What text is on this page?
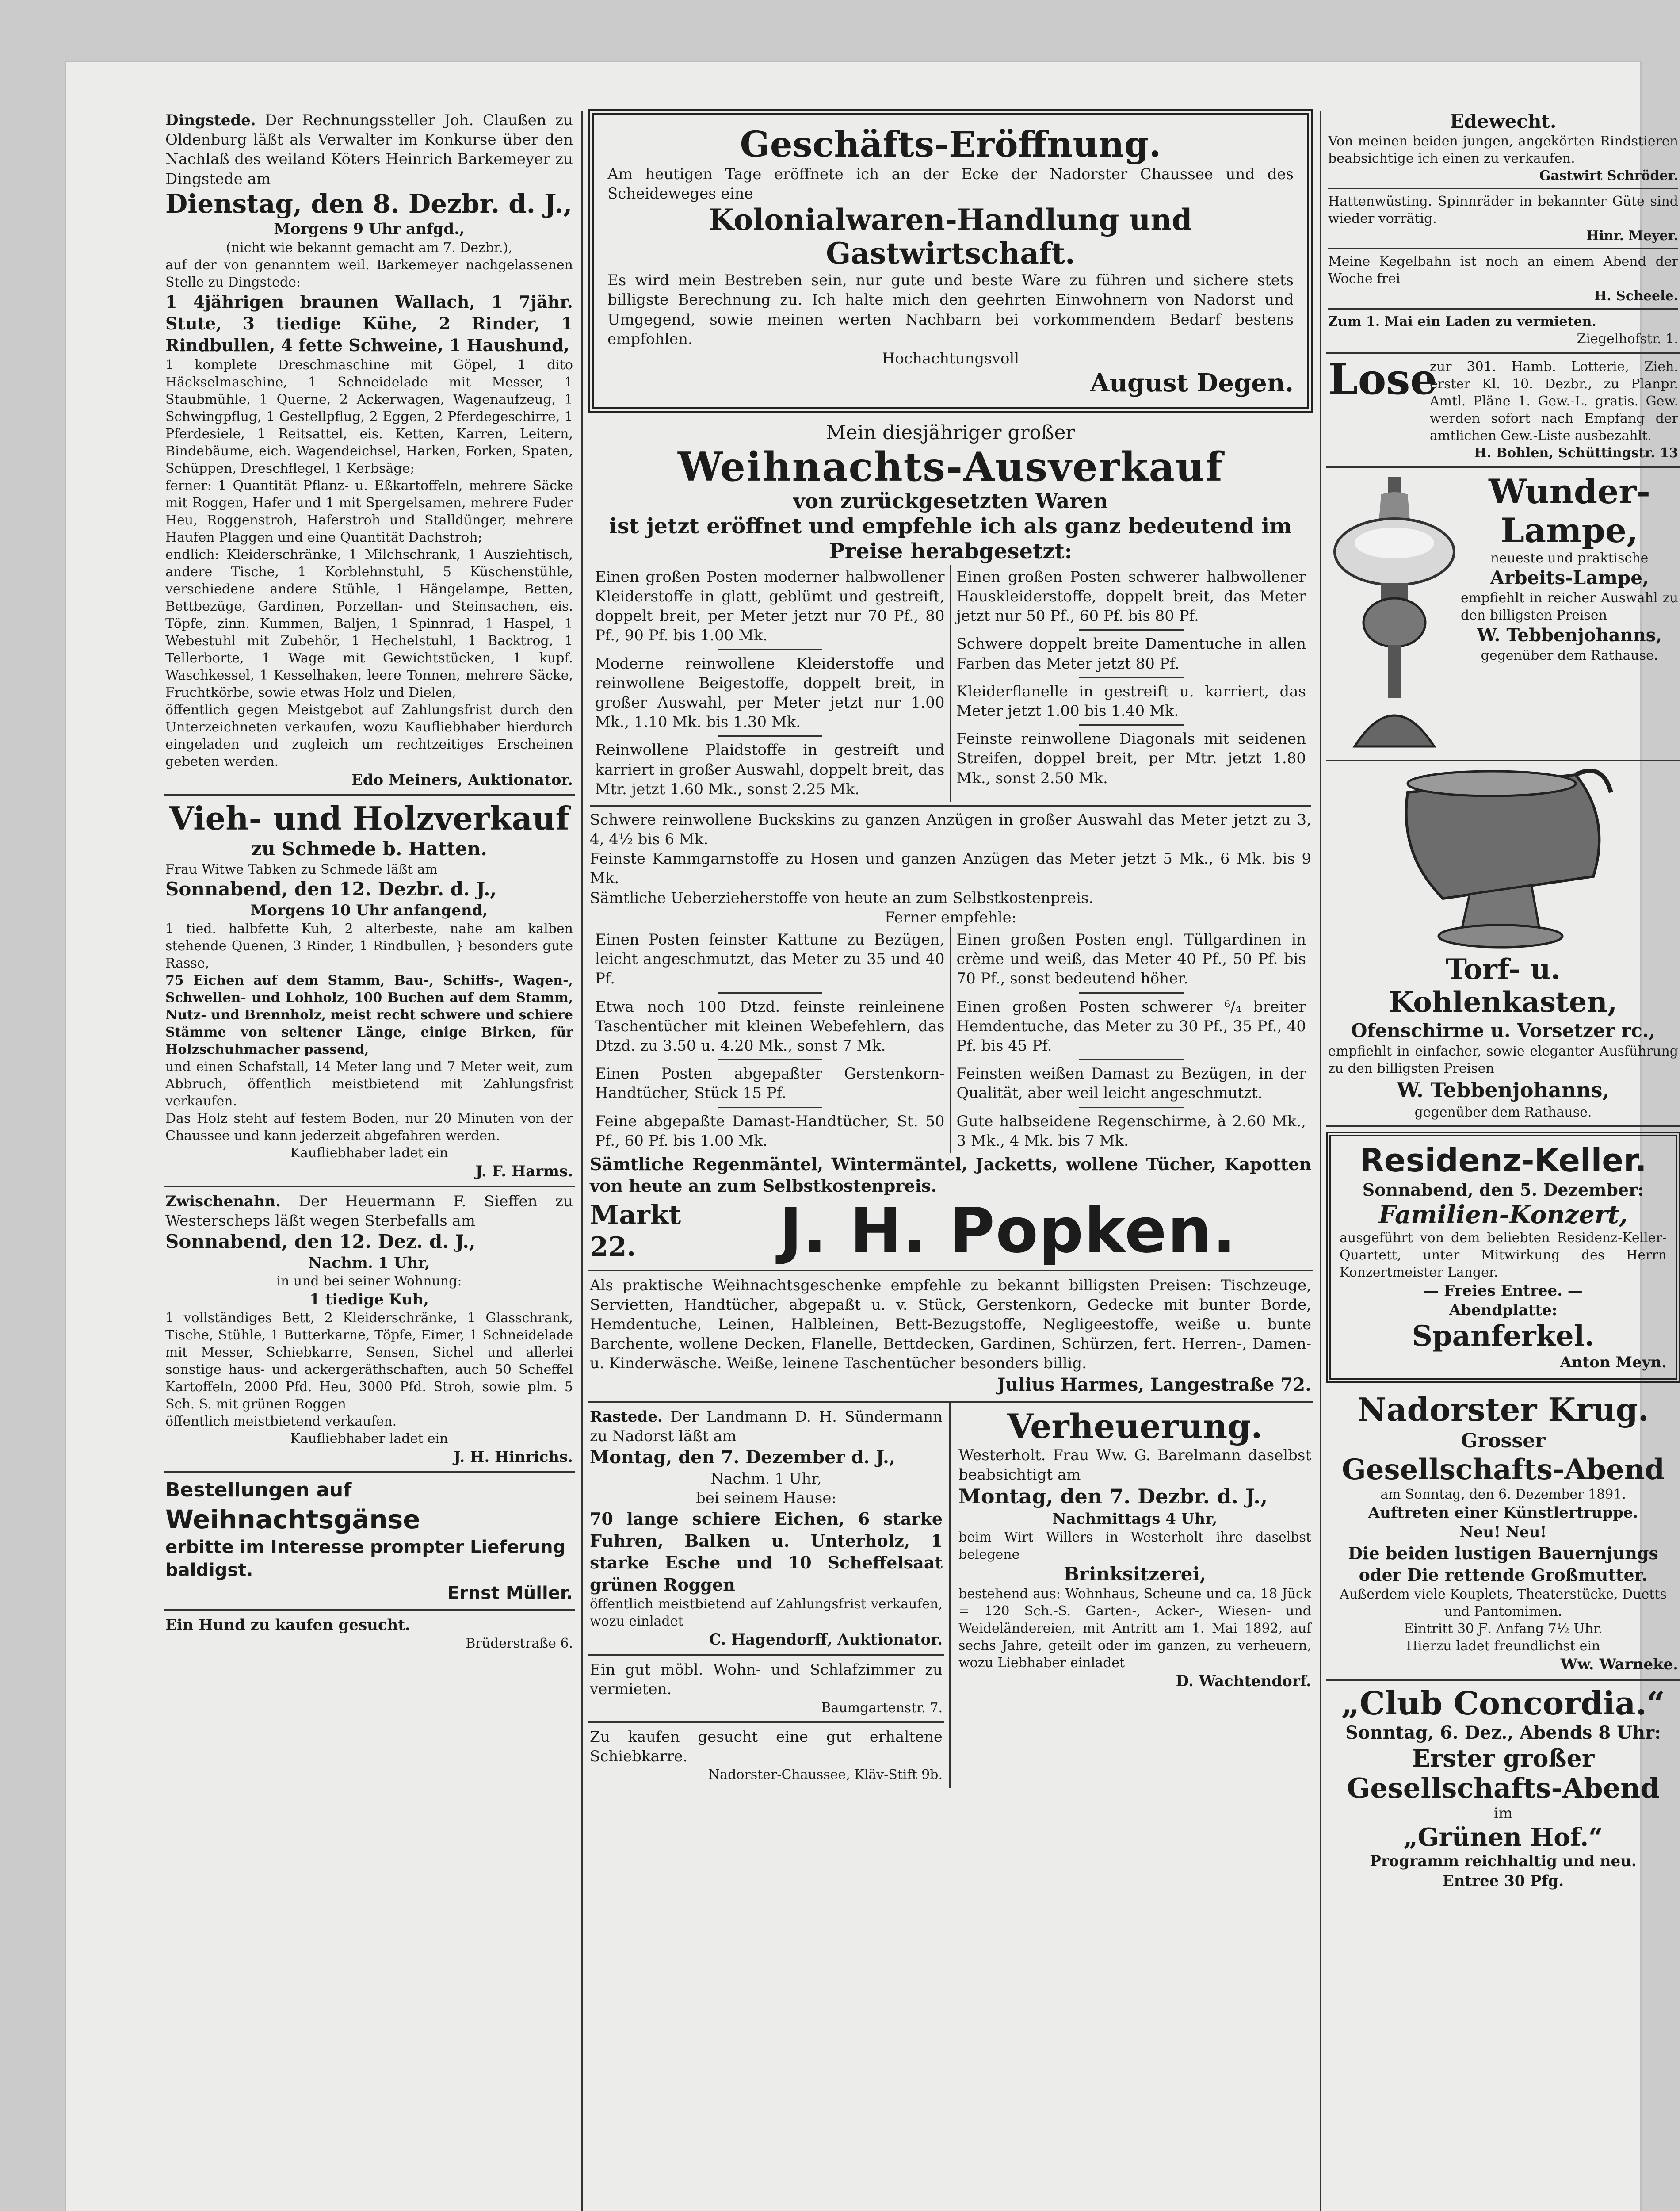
Dingstede. Der Rechnungssteller Joh. Claußen zu Oldenburg läßt als Verwalter im Konkurse über den Nachlaß des weiland Köters Heinrich Barkemeyer zu Dingstede am

Dienstag, den 8. Dezbr. d. J.,

Morgens 9 Uhr anfgd.,

(nicht wie bekannt gemacht am 7. Dezbr.),

auf der von genanntem weil. Barkemeyer nachgelassenen Stelle zu Dingstede:

1 4jährigen braunen Wallach, 1 7jähr. Stute, 3 tiedige Kühe, 2 Rinder, 1 Rindbullen, 4 fette Schweine, 1 Haushund,

1 komplete Dreschmaschine mit Göpel, 1 dito Häckselmaschine, 1 Schneidelade mit Messer, 1 Staubmühle, 1 Querne, 2 Ackerwagen, Wagenaufzeug, 1 Schwingpflug, 1 Gestellpflug, 2 Eggen, 2 Pferdegeschirre, 1 Pferdesiele, 1 Reitsattel, eis. Ketten, Karren, Leitern, Bindebäume, eich. Wagendeichsel, Harken, Forken, Spaten, Schüppen, Dreschflegel, 1 Kerbsäge;

ferner: 1 Quantität Pflanz- u. Eßkartoffeln, mehrere Säcke mit Roggen, Hafer und 1 mit Spergelsamen, mehrere Fuder Heu, Roggenstroh, Haferstroh und Stalldünger, mehrere Haufen Plaggen und eine Quantität Dachstroh;

endlich: Kleiderschränke, 1 Milchschrank, 1 Ausziehtisch, andere Tische, 1 Korblehnstuhl, 5 Küschenstühle, verschiedene andere Stühle, 1 Hängelampe, Betten, Bettbezüge, Gardinen, Porzellan- und Steinsachen, eis. Töpfe, zinn. Kummen, Baljen, 1 Spinnrad, 1 Haspel, 1 Webestuhl mit Zubehör, 1 Hechelstuhl, 1 Backtrog, 1 Tellerborte, 1 Wage mit Gewichtstücken, 1 kupf. Waschkessel, 1 Kesselhaken, leere Tonnen, mehrere Säcke, Fruchtkörbe, sowie etwas Holz und Dielen,

öffentlich gegen Meistgebot auf Zahlungsfrist durch den Unterzeichneten verkaufen, wozu Kaufliebhaber hierdurch eingeladen und zugleich um rechtzeitiges Erscheinen gebeten werden.

Edo Meiners, Auktionator.

Vieh- und Holzverkauf

zu Schmede b. Hatten.

Frau Witwe Tabken zu Schmede läßt am

Sonnabend, den 12. Dezbr. d. J.,

Morgens 10 Uhr anfangend,

1 tied. halbfette Kuh, 2 alterbeste, nahe am kalben stehende Quenen, 3 Rinder, 1 Rindbullen, } besonders gute Rasse,

75 Eichen auf dem Stamm, Bau-, Schiffs-, Wagen-, Schwellen- und Lohholz, 100 Buchen auf dem Stamm, Nutz- und Brennholz, meist recht schwere und schiere Stämme von seltener Länge, einige Birken, für Holzschuhmacher passend,

und einen Schafstall, 14 Meter lang und 7 Meter weit, zum Abbruch, öffentlich meistbietend mit Zahlungsfrist verkaufen.

Das Holz steht auf festem Boden, nur 20 Minuten von der Chaussee und kann jederzeit abgefahren werden.

Kaufliebhaber ladet ein

J. F. Harms.

Zwischenahn. Der Heuermann F. Sieffen zu Westerscheps läßt wegen Sterbefalls am

Sonnabend, den 12. Dez. d. J.,

Nachm. 1 Uhr,

in und bei seiner Wohnung:

1 tiedige Kuh,

1 vollständiges Bett, 2 Kleiderschränke, 1 Glasschrank, Tische, Stühle, 1 Butterkarne, Töpfe, Eimer, 1 Schneidelade mit Messer, Schiebkarre, Sensen, Sichel und allerlei sonstige haus- und ackergeräthschaften, auch 50 Scheffel Kartoffeln, 2000 Pfd. Heu, 3000 Pfd. Stroh, sowie plm. 5 Sch. S. mit grünen Roggen

öffentlich meistbietend verkaufen.

Kaufliebhaber ladet ein

J. H. Hinrichs.

Bestellungen auf

Weihnachtsgänse

erbitte im Interesse prompter Lieferung baldigst.

Ernst Müller.

Ein Hund zu kaufen gesucht.

Brüderstraße 6.

Geschäfts-Eröffnung.

Am heutigen Tage eröffnete ich an der Ecke der Nadorster Chaussee und des Scheideweges eine

Kolonialwaren-Handlung und Gastwirtschaft.

Es wird mein Bestreben sein, nur gute und beste Ware zu führen und sichere stets billigste Berechnung zu. Ich halte mich den geehrten Einwohnern von Nadorst und Umgegend, sowie meinen werten Nachbarn bei vorkommendem Bedarf bestens empfohlen.

Hochachtungsvoll

August Degen.

Mein diesjähriger großer

Weihnachts-Ausverkauf

von zurückgesetzten Waren

ist jetzt eröffnet und empfehle ich als ganz bedeutend im Preise herabgesetzt:

Einen großen Posten moderner halbwollener Kleiderstoffe in glatt, geblümt und gestreift, doppelt breit, per Meter jetzt nur 70 Pf., 80 Pf., 90 Pf. bis 1.00 Mk.

Moderne reinwollene Kleiderstoffe und reinwollene Beigestoffe, doppelt breit, in großer Auswahl, per Meter jetzt nur 1.00 Mk., 1.10 Mk. bis 1.30 Mk.

Reinwollene Plaidstoffe in gestreift und karriert in großer Auswahl, doppelt breit, das Mtr. jetzt 1.60 Mk., sonst 2.25 Mk.

Einen großen Posten schwerer halbwollener Hauskleiderstoffe, doppelt breit, das Meter jetzt nur 50 Pf., 60 Pf. bis 80 Pf.

Schwere doppelt breite Damentuche in allen Farben das Meter jetzt 80 Pf.

Kleiderflanelle in gestreift u. karriert, das Meter jetzt 1.00 bis 1.40 Mk.

Feinste reinwollene Diagonals mit seidenen Streifen, doppel breit, per Mtr. jetzt 1.80 Mk., sonst 2.50 Mk.

Schwere reinwollene Buckskins zu ganzen Anzügen in großer Auswahl das Meter jetzt zu 3, 4, 4½ bis 6 Mk.

Feinste Kammgarnstoffe zu Hosen und ganzen Anzügen das Meter jetzt 5 Mk., 6 Mk. bis 9 Mk.

Sämtliche Ueberzieherstoffe von heute an zum Selbstkostenpreis.

Ferner empfehle:

Einen Posten feinster Kattune zu Bezügen, leicht angeschmutzt, das Meter zu 35 und 40 Pf.

Etwa noch 100 Dtzd. feinste reinleinene Taschentücher mit kleinen Webefehlern, das Dtzd. zu 3.50 u. 4.20 Mk., sonst 7 Mk.

Einen Posten abgepaßter Gerstenkorn-Handtücher, Stück 15 Pf.

Feine abgepaßte Damast-Handtücher, St. 50 Pf., 60 Pf. bis 1.00 Mk.

Einen großen Posten engl. Tüllgardinen in crème und weiß, das Meter 40 Pf., 50 Pf. bis 70 Pf., sonst bedeutend höher.

Einen großen Posten schwerer ⁶/₄ breiter Hemdentuche, das Meter zu 30 Pf., 35 Pf., 40 Pf. bis 45 Pf.

Feinsten weißen Damast zu Bezügen, in der Qualität, aber weil leicht angeschmutzt.

Gute halbseidene Regenschirme, à 2.60 Mk., 3 Mk., 4 Mk. bis 7 Mk.

Sämtliche Regenmäntel, Wintermäntel, Jacketts, wollene Tücher, Kapotten von heute an zum Selbstkostenpreis.

Markt 22.	J. H. Popken.

Als praktische Weihnachtsgeschenke empfehle zu bekannt billigsten Preisen: Tischzeuge, Servietten, Handtücher, abgepaßt u. v. Stück, Gerstenkorn, Gedecke mit bunter Borde, Hemdentuche, Leinen, Halbleinen, Bett-Bezugstoffe, Negligeestoffe, weiße u. bunte Barchente, wollene Decken, Flanelle, Bettdecken, Gardinen, Schürzen, fert. Herren-, Damen- u. Kinderwäsche. Weiße, leinene Taschentücher besonders billig.

Julius Harmes, Langestraße 72.

Rastede. Der Landmann D. H. Sündermann zu Nadorst läßt am

Montag, den 7. Dezember d. J.,

Nachm. 1 Uhr,

bei seinem Hause:

70 lange schiere Eichen, 6 starke Fuhren, Balken u. Unterholz, 1 starke Esche und 10 Scheffelsaat grünen Roggen

öffentlich meistbietend auf Zahlungsfrist verkaufen, wozu einladet

C. Hagendorff, Auktionator.

Ein gut möbl. Wohn- und Schlafzimmer zu vermieten.

Baumgartenstr. 7.

Zu kaufen gesucht eine gut erhaltene Schiebkarre.

Nadorster-Chaussee, Kläv-Stift 9b.

Verheuerung.

Westerholt. Frau Ww. G. Barelmann daselbst beabsichtigt am

Montag, den 7. Dezbr. d. J.,

Nachmittags 4 Uhr,

beim Wirt Willers in Westerholt ihre daselbst belegene

Brinksitzerei,

bestehend aus: Wohnhaus, Scheune und ca. 18 Jück = 120 Sch.-S. Garten-, Acker-, Wiesen- und Weideländereien, mit Antritt am 1. Mai 1892, auf sechs Jahre, geteilt oder im ganzen, zu verheuern, wozu Liebhaber einladet

D. Wachtendorf.

Edewecht.

Von meinen beiden jungen, angekörten Rindstieren beabsichtige ich einen zu verkaufen.

Gastwirt Schröder.

Hattenwüsting. Spinnräder in bekannter Güte sind wieder vorrätig.

Hinr. Meyer.

Meine Kegelbahn ist noch an einem Abend der Woche frei

H. Scheele.

Zum 1. Mai ein Laden zu vermieten.

Ziegelhofstr. 1.

Lose

zur 301. Hamb. Lotterie, Zieh. erster Kl. 10. Dezbr., zu Planpr. Amtl. Pläne 1. Gew.-L. gratis. Gew. werden sofort nach Empfang der amtlichen Gew.-Liste ausbezahlt.

H. Bohlen, Schüttingstr. 13

Wunder-

Lampe,

neueste und praktische

Arbeits-Lampe,

empfiehlt in reicher Auswahl zu den billigsten Preisen

W. Tebbenjohanns,

gegenüber dem Rathause.

Torf- u. Kohlenkasten,

Ofenschirme u. Vorsetzer rc.,

empfiehlt in einfacher, sowie eleganter Ausführung zu den billigsten Preisen

W. Tebbenjohanns,

gegenüber dem Rathause.

Residenz-Keller.

Sonnabend, den 5. Dezember:

Familien-Konzert,

ausgeführt von dem beliebten Residenz-Keller-Quartett, unter Mitwirkung des Herrn Konzertmeister Langer.

— Freies Entree. —

Abendplatte:

Spanferkel.

Anton Meyn.

Nadorster Krug.

Grosser

Gesellschafts-Abend

am Sonntag, den 6. Dezember 1891.

Auftreten einer Künstlertruppe.

Neu! Neu!

Die beiden lustigen Bauernjungs oder Die rettende Großmutter.

Außerdem viele Kouplets, Theaterstücke, Duetts und Pantomimen.

Eintritt 30 Ƒ. Anfang 7½ Uhr.

Hierzu ladet freundlichst ein

Ww. Warneke.

„Club Concordia.“

Sonntag, 6. Dez., Abends 8 Uhr:

Erster großer

Gesellschafts-Abend

im

„Grünen Hof.“

Programm reichhaltig und neu.

Entree 30 Pfg.
